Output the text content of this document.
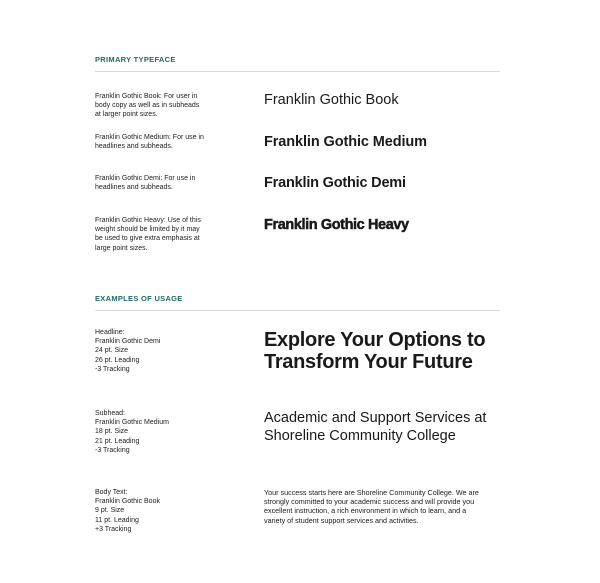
PRIMARY TYPEFACE
Franklin Gothic Book: For user in
body copy as well as in subheads
at larger point sizes.
Franklin Gothic Book
Franklin Gothic Medium: For use in
headlines and subheads.	Franklin Gothic Medium
Franklin Gothic Demi: For use in
headlines and subheads.	Franklin Gothic Demi
Franklin Gothic Heavy: Use of this
weight should be limited by it may
be used to give extra emphasis at
large point sizes.
Franklin Gothic Heavy
EXAMPLES OF USAGE
Headline:
Franklin Gothic Demi
24 pt. Size
26 pt. Leading
-3 Tracking
Explore Your Options to
Transform Your Future
Subhead:
Franklin Gothic Medium
18 pt. Size
21 pt. Leading
-3 Tracking
Academic and Support Services at
Shoreline Community College
Body Text:
Franklin Gothic Book
9 pt. Size
11 pt. Leading
+3 Tracking
Your success starts here are Shoreline Community College. We are
strongly committed to your academic success and will provide you
excellent instruction, a rich environment in which to learn, and a
variety of student support services and activities.
